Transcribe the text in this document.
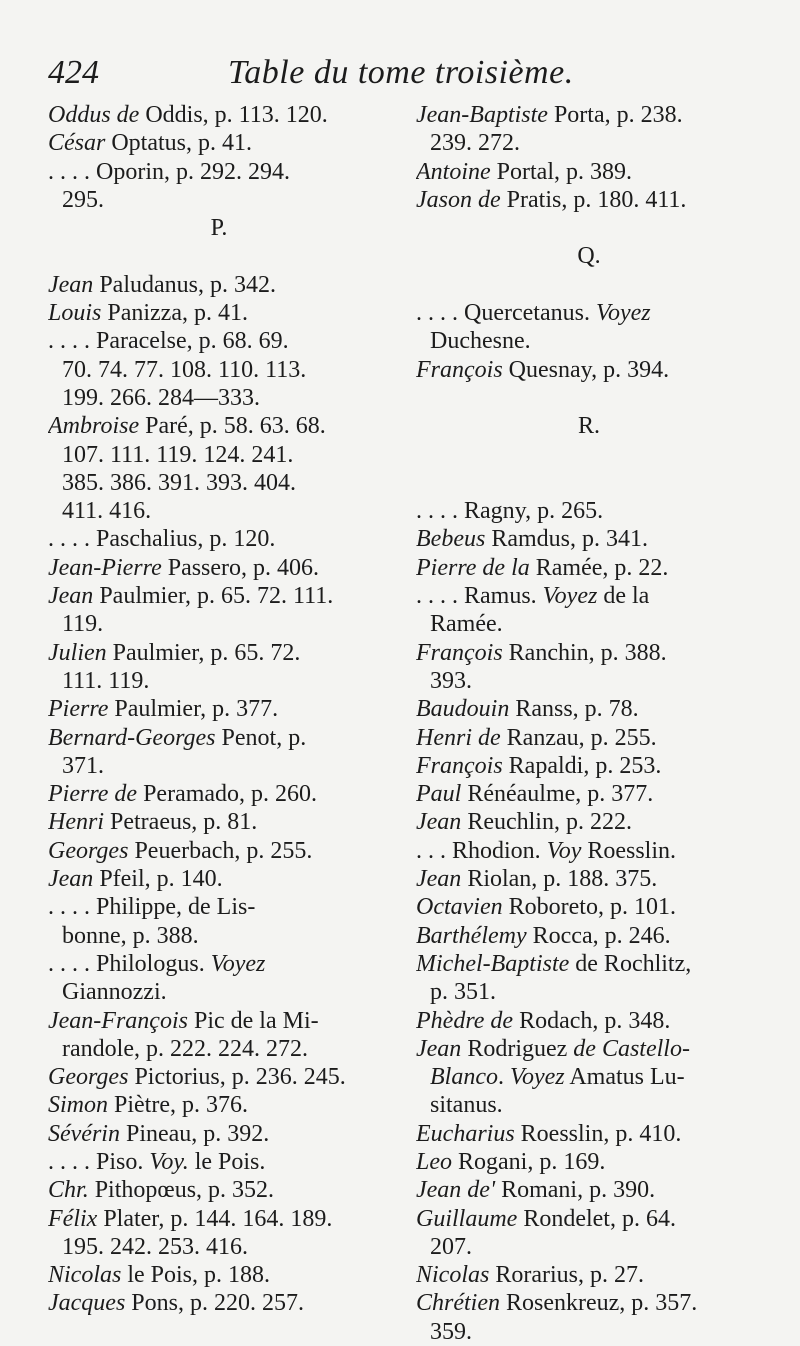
424	Table du tome troisième.
Oddus de Oddis, p. 113. 120.
César Optatus, p. 41.
. . . . Oporin, p. 292. 294.
295.
P.
Jean Paludanus, p. 342.
Louis Panizza, p. 41.
. . . . Paracelse, p. 68. 69.
70. 74. 77. 108. 110. 113.
199. 266. 284—333.
Ambroise Paré, p. 58. 63. 68.
107. 111. 119. 124. 241.
385. 386. 391. 393. 404.
411. 416.
. . . . Paschalius, p. 120.
Jean-Pierre Passero, p. 406.
Jean Paulmier, p. 65. 72. 111.
119.
Julien Paulmier, p. 65. 72.
111. 119.
Pierre Paulmier, p. 377.
Bernard-Georges Penot, p.
371.
Pierre de Peramado, p. 260.
Henri Petraeus, p. 81.
Georges Peuerbach, p. 255.
Jean Pfeil, p. 140.
. . . . Philippe, de Lis-
bonne, p. 388.
. . . . Philologus. Voyez
Giannozzi.
Jean-François Pic de la Mi-
randole, p. 222. 224. 272.
Georges Pictorius, p. 236. 245.
Simon Piètre, p. 376.
Sévérin Pineau, p. 392.
. . . . Piso. Voy. le Pois.
Chr. Pithopœus, p. 352.
Félix Plater, p. 144. 164. 189.
195. 242. 253. 416.
Nicolas le Pois, p. 188.
Jacques Pons, p. 220. 257.
Jean-Baptiste Porta, p. 238.
239. 272.
Antoine Portal, p. 389.
Jason de Pratis, p. 180. 411.
Q.
. . . . Quercetanus. Voyez
Duchesne.
François Quesnay, p. 394.
R.
. . . . Ragny, p. 265.
Bebeus Ramdus, p. 341.
Pierre de la Ramée, p. 22.
. . . . Ramus. Voyez de la
Ramée.
François Ranchin, p. 388.
393.
Baudouin Ranss, p. 78.
Henri de Ranzau, p. 255.
François Rapaldi, p. 253.
Paul Rénéaulme, p. 377.
Jean Reuchlin, p. 222.
. . . Rhodion. Voy Roesslin.
Jean Riolan, p. 188. 375.
Octavien Roboreto, p. 101.
Barthélemy Rocca, p. 246.
Michel-Baptiste de Rochlitz,
p. 351.
Phèdre de Rodach, p. 348.
Jean Rodriguez de Castello-
Blanco. Voyez Amatus Lu-
sitanus.
Eucharius Roesslin, p. 410.
Leo Rogani, p. 169.
Jean de' Romani, p. 390.
Guillaume Rondelet, p. 64.
207.
Nicolas Rorarius, p. 27.
Chrétien Rosenkreuz, p. 357.
359.
